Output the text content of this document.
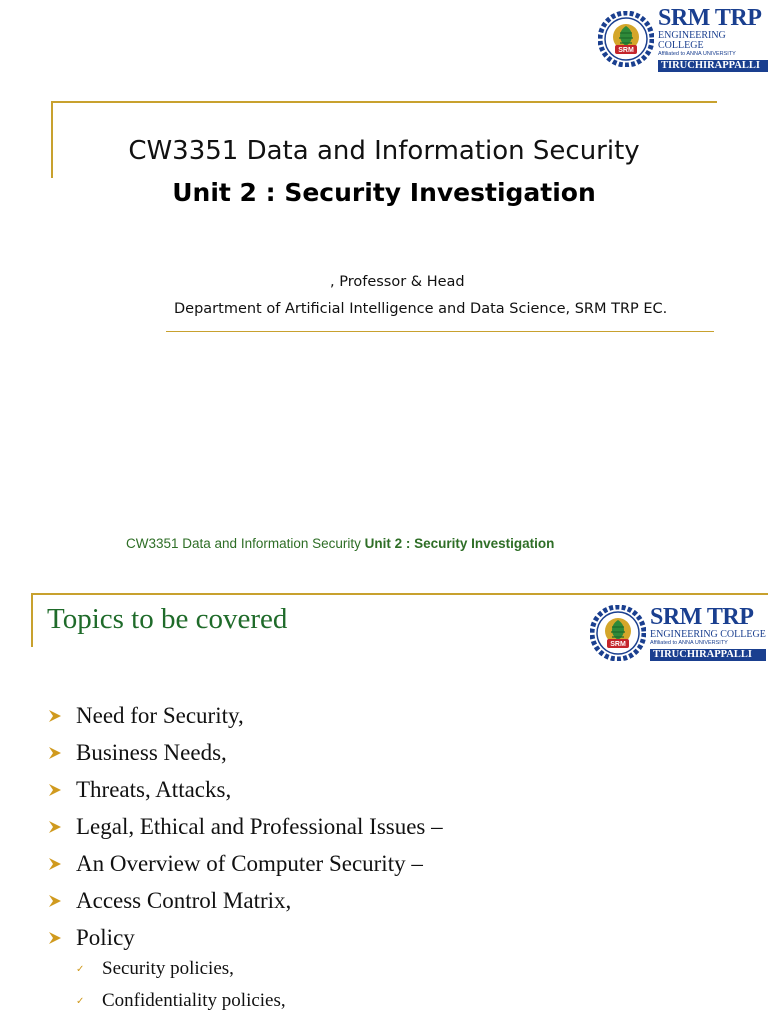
SRM
SRM TRP
ENGINEERING COLLEGE
Affiliated to ANNA UNIVERSITY
TIRUCHIRAPPALLI
CW3351 Data and Information Security
Unit 2 : Security Investigation
, Professor & Head
Department of Artificial Intelligence and Data Science, SRM TRP EC.
CW3351 Data and Information Security Unit 2 : Security Investigation
Topics to be covered
SRM
SRM TRP
ENGINEERING COLLEGE
Affiliated to ANNA UNIVERSITY
TIRUCHIRAPPALLI
Need for Security,
Business Needs,
Threats, Attacks,
Legal, Ethical and Professional Issues –
An Overview of Computer Security –
Access Control Matrix,
Policy
✓ Security policies,
✓ Confidentiality policies,
